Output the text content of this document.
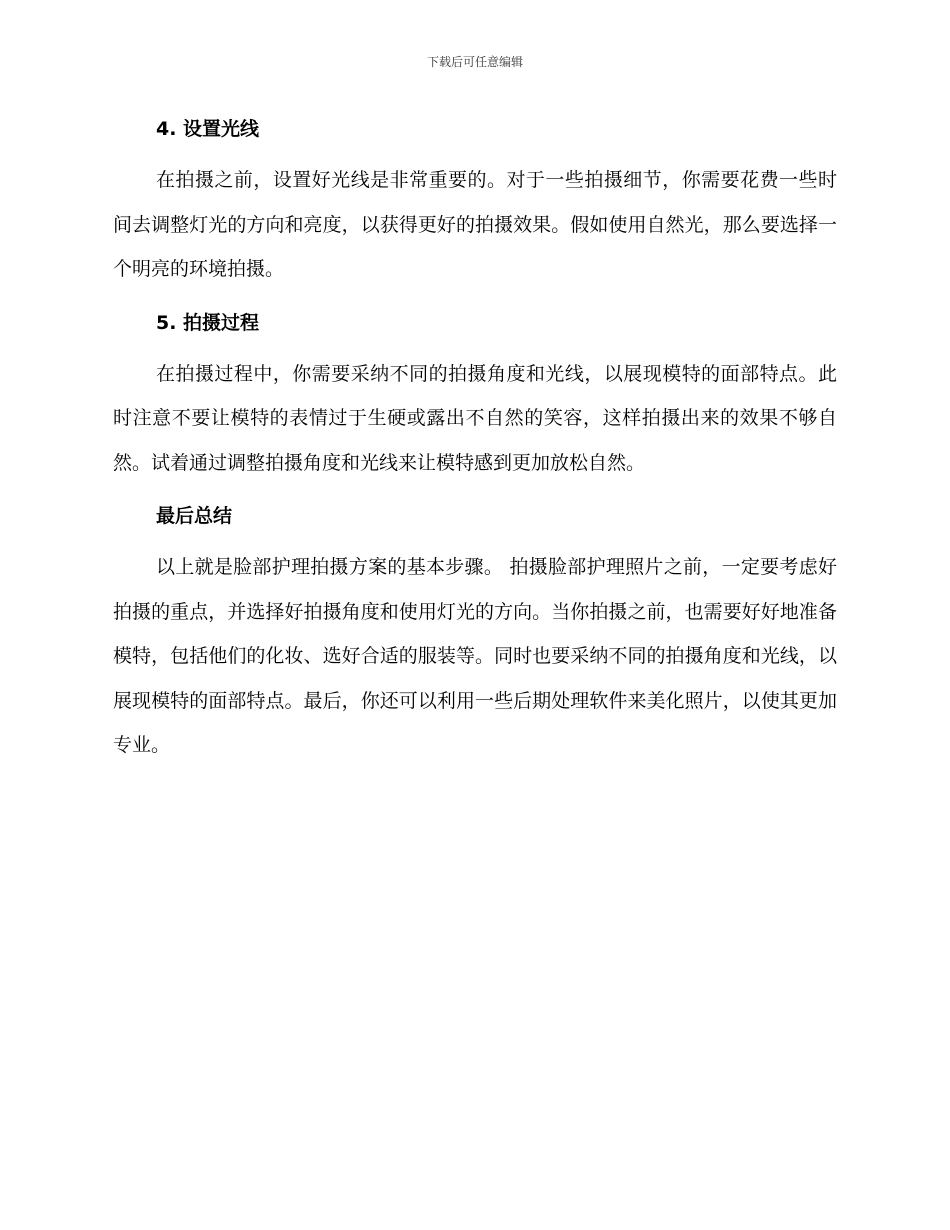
下载后可任意编辑
4. 设置光线
在拍摄之前，设置好光线是非常重要的。对于一些拍摄细节，你需要花费一些时间去调整灯光的方向和亮度，以获得更好的拍摄效果。假如使用自然光，那么要选择一个明亮的环境拍摄。
5. 拍摄过程
在拍摄过程中，你需要采纳不同的拍摄角度和光线，以展现模特的面部特点。此时注意不要让模特的表情过于生硬或露出不自然的笑容，这样拍摄出来的效果不够自然。试着通过调整拍摄角度和光线来让模特感到更加放松自然。
最后总结
以上就是脸部护理拍摄方案的基本步骤。 拍摄脸部护理照片之前，一定要考虑好拍摄的重点，并选择好拍摄角度和使用灯光的方向。当你拍摄之前，也需要好好地准备模特，包括他们的化妆、选好合适的服装等。同时也要采纳不同的拍摄角度和光线，以展现模特的面部特点。最后，你还可以利用一些后期处理软件来美化照片，以使其更加专业。
